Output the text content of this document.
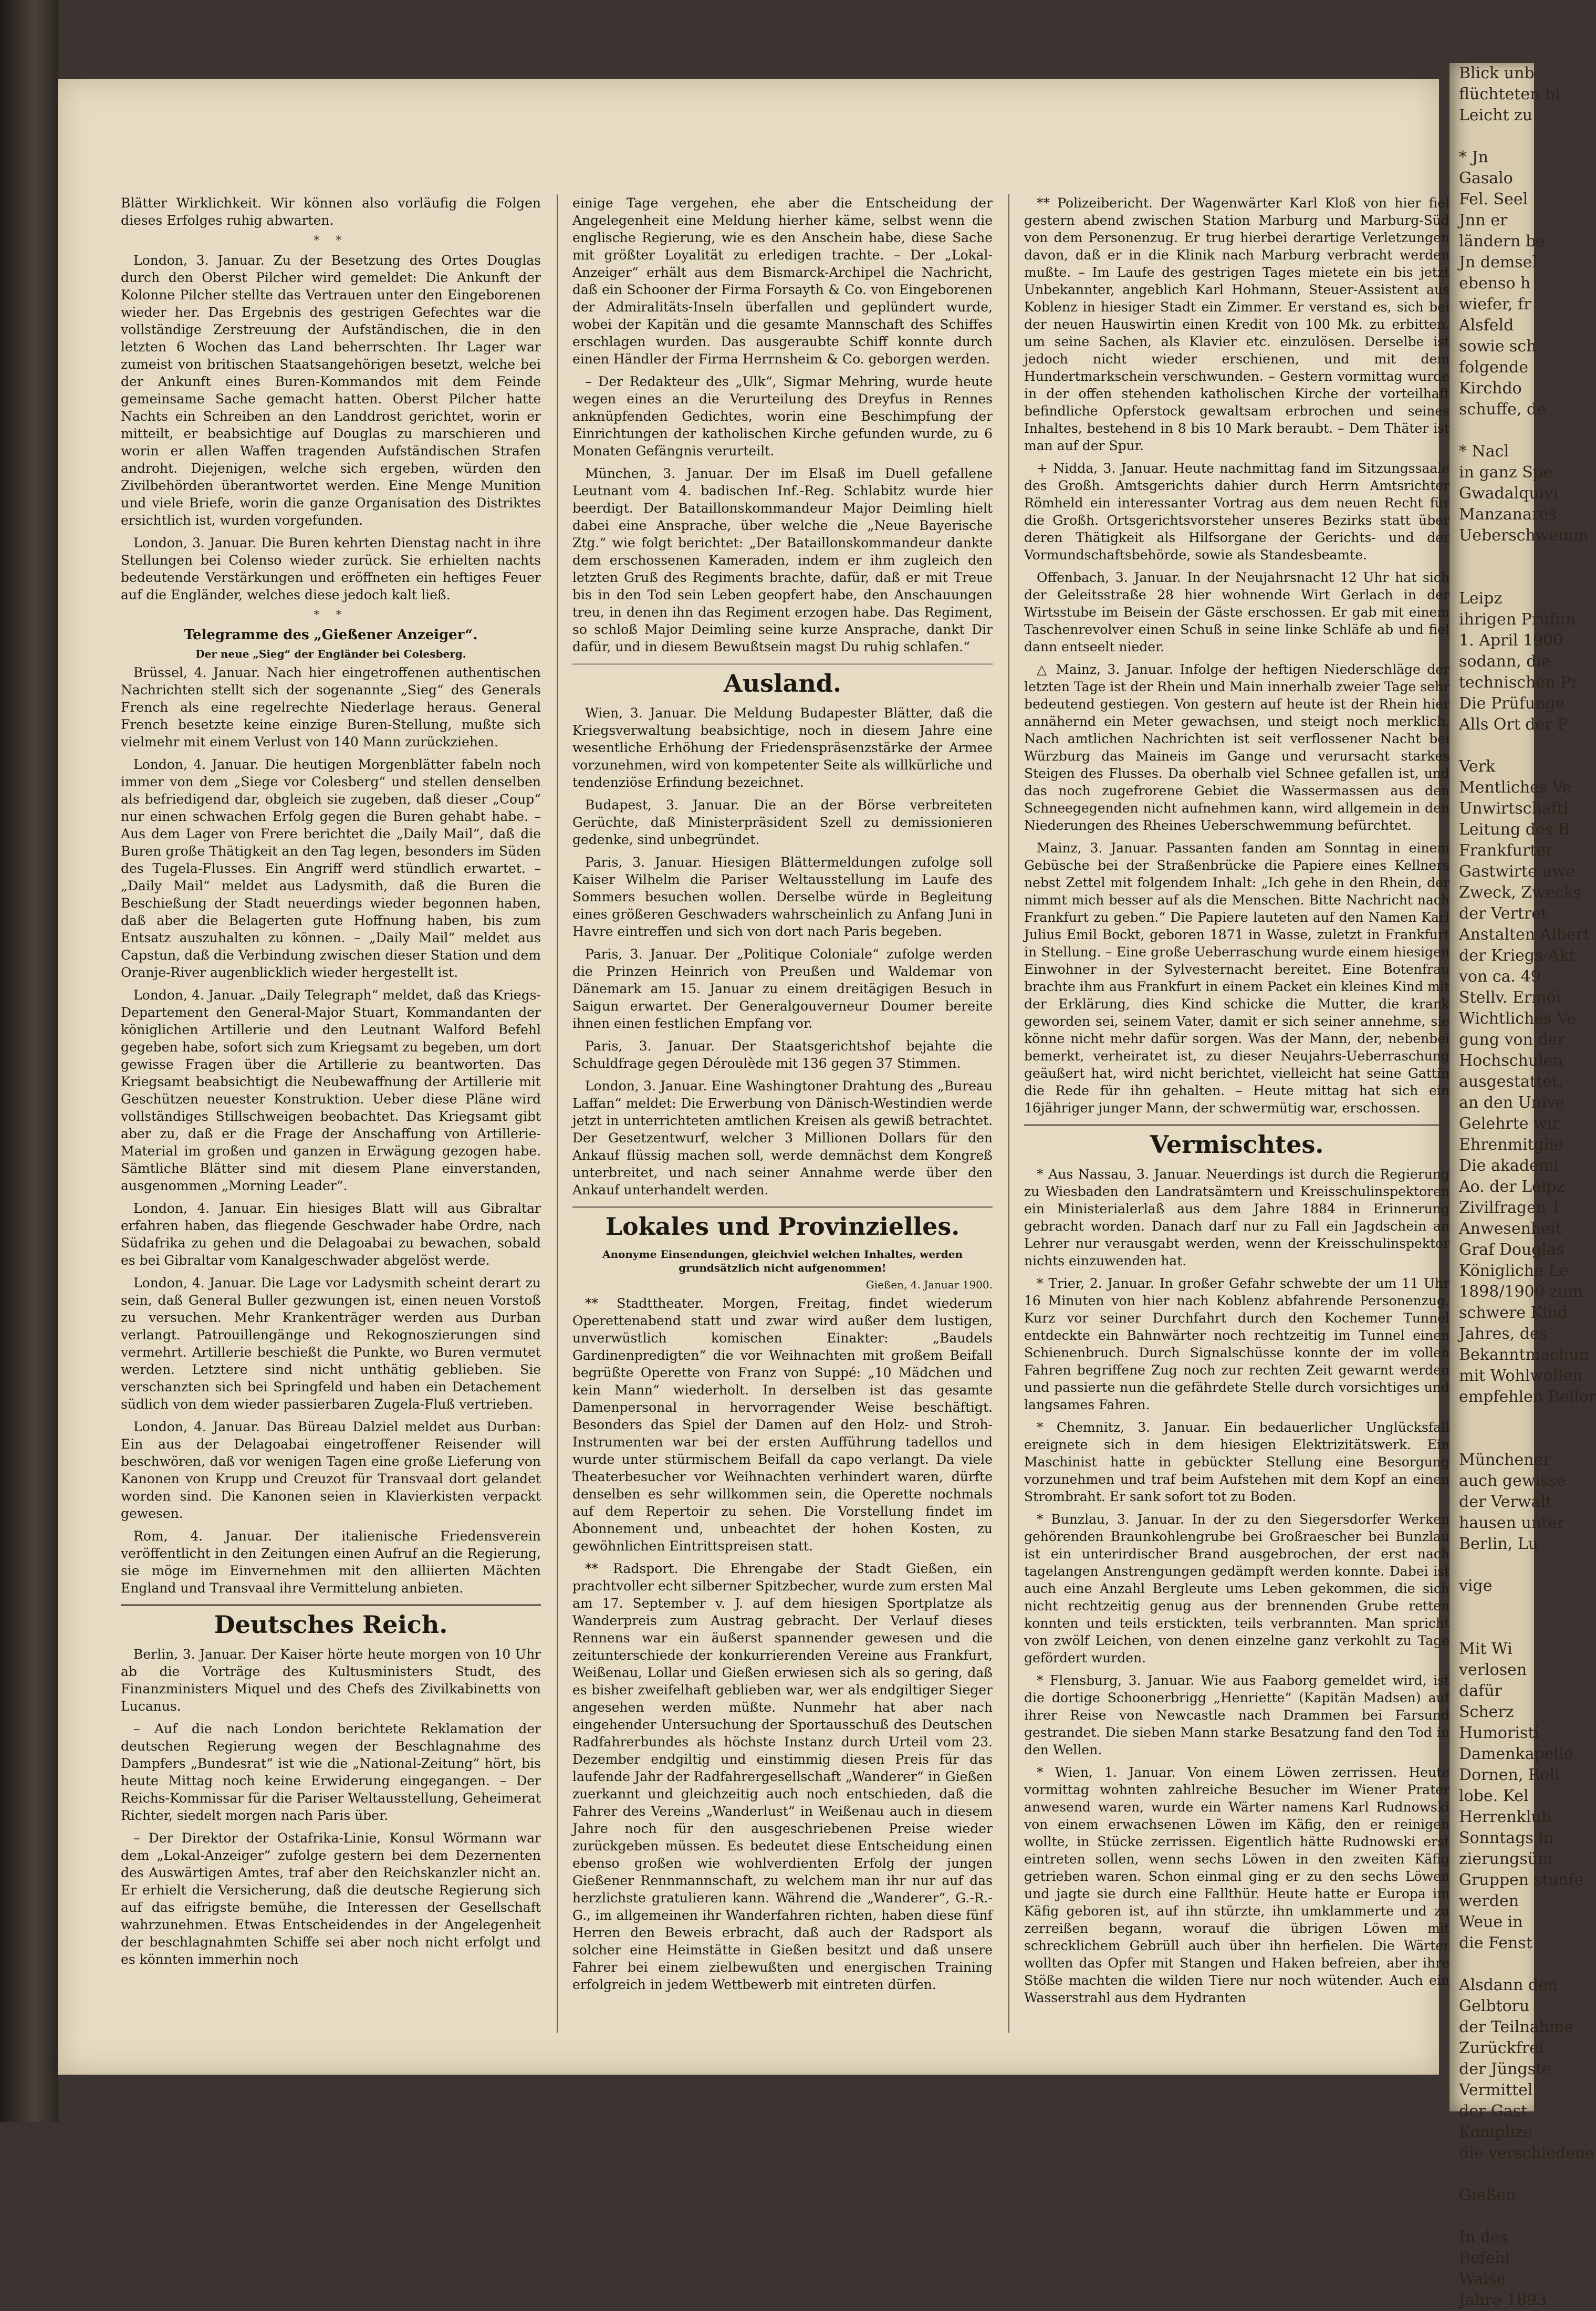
Blätter Wirklichkeit. Wir können also vorläufig die Folgen dieses Erfolges ruhig abwarten.

* *

London, 3. Januar. Zu der Besetzung des Ortes Douglas durch den Oberst Pilcher wird gemeldet: Die Ankunft der Kolonne Pilcher stellte das Vertrauen unter den Eingeborenen wieder her. Das Ergebnis des gestrigen Gefechtes war die vollständige Zerstreuung der Aufständischen, die in den letzten 6 Wochen das Land beherrschten. Ihr Lager war zumeist von britischen Staatsangehörigen besetzt, welche bei der Ankunft eines Buren-Kommandos mit dem Feinde gemeinsame Sache gemacht hatten. Oberst Pilcher hatte Nachts ein Schreiben an den Landdrost gerichtet, worin er mitteilt, er beabsichtige auf Douglas zu marschieren und worin er allen Waffen tragenden Aufständischen Strafen androht. Diejenigen, welche sich ergeben, würden den Zivilbehörden überantwortet werden. Eine Menge Munition und viele Briefe, worin die ganze Organisation des Distriktes ersichtlich ist, wurden vorgefunden.

London, 3. Januar. Die Buren kehrten Dienstag nacht in ihre Stellungen bei Colenso wieder zurück. Sie erhielten nachts bedeutende Verstärkungen und eröffneten ein heftiges Feuer auf die Engländer, welches diese jedoch kalt ließ.

* *
Telegramme des „Gießener Anzeiger“.
Der neue „Sieg“ der Engländer bei Colesberg.

Brüssel, 4. Januar. Nach hier eingetroffenen authentischen Nachrichten stellt sich der sogenannte „Sieg“ des Generals French als eine regelrechte Niederlage heraus. General French besetzte keine einzige Buren-Stellung, mußte sich vielmehr mit einem Verlust von 140 Mann zurückziehen.

London, 4. Januar. Die heutigen Morgenblätter fabeln noch immer von dem „Siege vor Colesberg“ und stellen denselben als befriedigend dar, obgleich sie zugeben, daß dieser „Coup“ nur einen schwachen Erfolg gegen die Buren gehabt habe. – Aus dem Lager von Frere berichtet die „Daily Mail“, daß die Buren große Thätigkeit an den Tag legen, besonders im Süden des Tugela-Flusses. Ein Angriff werd stündlich erwartet. – „Daily Mail“ meldet aus Ladysmith, daß die Buren die Beschießung der Stadt neuerdings wieder begonnen haben, daß aber die Belagerten gute Hoffnung haben, bis zum Entsatz auszuhalten zu können. – „Daily Mail“ meldet aus Capstun, daß die Verbindung zwischen dieser Station und dem Oranje-River augenblicklich wieder hergestellt ist.

London, 4. Januar. „Daily Telegraph“ meldet, daß das Kriegs-Departement den General-Major Stuart, Kommandanten der königlichen Artillerie und den Leutnant Walford Befehl gegeben habe, sofort sich zum Kriegsamt zu begeben, um dort gewisse Fragen über die Artillerie zu beantworten. Das Kriegsamt beabsichtigt die Neubewaffnung der Artillerie mit Geschützen neuester Konstruktion. Ueber diese Pläne wird vollständiges Stillschweigen beobachtet. Das Kriegsamt gibt aber zu, daß er die Frage der Anschaffung von Artillerie-Material im großen und ganzen in Erwägung gezogen habe. Sämtliche Blätter sind mit diesem Plane einverstanden, ausgenommen „Morning Leader“.

London, 4. Januar. Ein hiesiges Blatt will aus Gibraltar erfahren haben, das fliegende Geschwader habe Ordre, nach Südafrika zu gehen und die Delagoabai zu bewachen, sobald es bei Gibraltar vom Kanalgeschwader abgelöst werde.

London, 4. Januar. Die Lage vor Ladysmith scheint derart zu sein, daß General Buller gezwungen ist, einen neuen Vorstoß zu versuchen. Mehr Krankenträger werden aus Durban verlangt. Patrouillengänge und Rekognoszierungen sind vermehrt. Artillerie beschießt die Punkte, wo Buren vermutet werden. Letztere sind nicht unthätig geblieben. Sie verschanzten sich bei Springfeld und haben ein Detachement südlich von dem wieder passierbaren Zugela-Fluß vertrieben.

London, 4. Januar. Das Büreau Dalziel meldet aus Durban: Ein aus der Delagoabai eingetroffener Reisender will beschwören, daß vor wenigen Tagen eine große Lieferung von Kanonen von Krupp und Creuzot für Transvaal dort gelandet worden sind. Die Kanonen seien in Klavierkisten verpackt gewesen.

Rom, 4. Januar. Der italienische Friedensverein veröffentlicht in den Zeitungen einen Aufruf an die Regierung, sie möge im Einvernehmen mit den alliierten Mächten England und Transvaal ihre Vermittelung anbieten.

Deutsches Reich.

Berlin, 3. Januar. Der Kaiser hörte heute morgen von 10 Uhr ab die Vorträge des Kultusministers Studt, des Finanzministers Miquel und des Chefs des Zivilkabinetts von Lucanus.

– Auf die nach London berichtete Reklamation der deutschen Regierung wegen der Beschlagnahme des Dampfers „Bundesrat“ ist wie die „National-Zeitung“ hört, bis heute Mittag noch keine Erwiderung eingegangen. – Der Reichs-Kommissar für die Pariser Weltausstellung, Geheimerat Richter, siedelt morgen nach Paris über.

– Der Direktor der Ostafrika-Linie, Konsul Wörmann war dem „Lokal-Anzeiger“ zufolge gestern bei dem Dezernenten des Auswärtigen Amtes, traf aber den Reichskanzler nicht an. Er erhielt die Versicherung, daß die deutsche Regierung sich auf das eifrigste bemühe, die Interessen der Gesellschaft wahrzunehmen. Etwas Entscheidendes in der Angelegenheit der beschlagnahmten Schiffe sei aber noch nicht erfolgt und es könnten immerhin noch

einige Tage vergehen, ehe aber die Entscheidung der Angelegenheit eine Meldung hierher käme, selbst wenn die englische Regierung, wie es den Anschein habe, diese Sache mit größter Loyalität zu erledigen trachte. – Der „Lokal-Anzeiger“ erhält aus dem Bismarck-Archipel die Nachricht, daß ein Schooner der Firma Forsayth & Co. von Eingeborenen der Admiralitäts-Inseln überfallen und geplündert wurde, wobei der Kapitän und die gesamte Mannschaft des Schiffes erschlagen wurden. Das ausgeraubte Schiff konnte durch einen Händler der Firma Herrnsheim & Co. geborgen werden.

– Der Redakteur des „Ulk“, Sigmar Mehring, wurde heute wegen eines an die Verurteilung des Dreyfus in Rennes anknüpfenden Gedichtes, worin eine Beschimpfung der Einrichtungen der katholischen Kirche gefunden wurde, zu 6 Monaten Gefängnis verurteilt.

München, 3. Januar. Der im Elsaß im Duell gefallene Leutnant vom 4. badischen Inf.-Reg. Schlabitz wurde hier beerdigt. Der Bataillonskommandeur Major Deimling hielt dabei eine Ansprache, über welche die „Neue Bayerische Ztg.“ wie folgt berichtet: „Der Bataillonskommandeur dankte dem erschossenen Kameraden, indem er ihm zugleich den letzten Gruß des Regiments brachte, dafür, daß er mit Treue bis in den Tod sein Leben geopfert habe, den Anschauungen treu, in denen ihn das Regiment erzogen habe. Das Regiment, so schloß Major Deimling seine kurze Ansprache, dankt Dir dafür, und in diesem Bewußtsein magst Du ruhig schlafen.“

Ausland.

Wien, 3. Januar. Die Meldung Budapester Blätter, daß die Kriegsverwaltung beabsichtige, noch in diesem Jahre eine wesentliche Erhöhung der Friedenspräsenzstärke der Armee vorzunehmen, wird von kompetenter Seite als willkürliche und tendenziöse Erfindung bezeichnet.

Budapest, 3. Januar. Die an der Börse verbreiteten Gerüchte, daß Ministerpräsident Szell zu demissionieren gedenke, sind unbegründet.

Paris, 3. Januar. Hiesigen Blättermeldungen zufolge soll Kaiser Wilhelm die Pariser Weltausstellung im Laufe des Sommers besuchen wollen. Derselbe würde in Begleitung eines größeren Geschwaders wahrscheinlich zu Anfang Juni in Havre eintreffen und sich von dort nach Paris begeben.

Paris, 3. Januar. Der „Politique Coloniale“ zufolge werden die Prinzen Heinrich von Preußen und Waldemar von Dänemark am 15. Januar zu einem dreitägigen Besuch in Saigun erwartet. Der Generalgouverneur Doumer bereite ihnen einen festlichen Empfang vor.

Paris, 3. Januar. Der Staatsgerichtshof bejahte die Schuldfrage gegen Déroulède mit 136 gegen 37 Stimmen.

London, 3. Januar. Eine Washingtoner Drahtung des „Bureau Laffan“ meldet: Die Erwerbung von Dänisch-Westindien werde jetzt in unterrichteten amtlichen Kreisen als gewiß betrachtet. Der Gesetzentwurf, welcher 3 Millionen Dollars für den Ankauf flüssig machen soll, werde demnächst dem Kongreß unterbreitet, und nach seiner Annahme werde über den Ankauf unterhandelt werden.

Lokales und Provinzielles.
Anonyme Einsendungen, gleichviel welchen Inhaltes, werden grundsätzlich nicht aufgenommen!
Gießen, 4. Januar 1900.

** Stadttheater. Morgen, Freitag, findet wiederum Operettenabend statt und zwar wird außer dem lustigen, unverwüstlich komischen Einakter: „Baudels Gardinenpredigten“ die vor Weihnachten mit großem Beifall begrüßte Operette von Franz von Suppé: „10 Mädchen und kein Mann“ wiederholt. In derselben ist das gesamte Damenpersonal in hervorragender Weise beschäftigt. Besonders das Spiel der Damen auf den Holz- und Stroh-Instrumenten war bei der ersten Aufführung tadellos und wurde unter stürmischem Beifall da capo verlangt. Da viele Theaterbesucher vor Weihnachten verhindert waren, dürfte denselben es sehr willkommen sein, die Operette nochmals auf dem Repertoir zu sehen. Die Vorstellung findet im Abonnement und, unbeachtet der hohen Kosten, zu gewöhnlichen Eintrittspreisen statt.

** Radsport. Die Ehrengabe der Stadt Gießen, ein prachtvoller echt silberner Spitzbecher, wurde zum ersten Mal am 17. September v. J. auf dem hiesigen Sportplatze als Wanderpreis zum Austrag gebracht. Der Verlauf dieses Rennens war ein äußerst spannender gewesen und die zeitunterschiede der konkurrierenden Vereine aus Frankfurt, Weißenau, Lollar und Gießen erwiesen sich als so gering, daß es bisher zweifelhaft geblieben war, wer als endgiltiger Sieger angesehen werden müßte. Nunmehr hat aber nach eingehender Untersuchung der Sportausschuß des Deutschen Radfahrerbundes als höchste Instanz durch Urteil vom 23. Dezember endgiltig und einstimmig diesen Preis für das laufende Jahr der Radfahrergesellschaft „Wanderer“ in Gießen zuerkannt und gleichzeitig auch noch entschieden, daß die Fahrer des Vereins „Wanderlust“ in Weißenau auch in diesem Jahre noch für den ausgeschriebenen Preise wieder zurückgeben müssen. Es bedeutet diese Entscheidung einen ebenso großen wie wohlverdienten Erfolg der jungen Gießener Rennmannschaft, zu welchem man ihr nur auf das herzlichste gratulieren kann. Während die „Wanderer“, G.-R.-G., im allgemeinen ihr Wanderfahren richten, haben diese fünf Herren den Beweis erbracht, daß auch der Radsport als solcher eine Heimstätte in Gießen besitzt und daß unsere Fahrer bei einem zielbewußten und energischen Training erfolgreich in jedem Wettbewerb mit eintreten dürfen.

** Polizeibericht. Der Wagenwärter Karl Kloß von hier fiel gestern abend zwischen Station Marburg und Marburg-Süd von dem Personenzug. Er trug hierbei derartige Verletzungen davon, daß er in die Klinik nach Marburg verbracht werden mußte. – Im Laufe des gestrigen Tages mietete ein bis jetzt Unbekannter, angeblich Karl Hohmann, Steuer-Assistent aus Koblenz in hiesiger Stadt ein Zimmer. Er verstand es, sich bei der neuen Hauswirtin einen Kredit von 100 Mk. zu erbitten, um seine Sachen, als Klavier etc. einzulösen. Derselbe ist jedoch nicht wieder erschienen, und mit dem Hundertmarkschein verschwunden. – Gestern vormittag wurde in der offen stehenden katholischen Kirche der vorteilhaft befindliche Opferstock gewaltsam erbrochen und seines Inhaltes, bestehend in 8 bis 10 Mark beraubt. – Dem Thäter ist man auf der Spur.

+ Nidda, 3. Januar. Heute nachmittag fand im Sitzungssaale des Großh. Amtsgerichts dahier durch Herrn Amtsrichter Römheld ein interessanter Vortrag aus dem neuen Recht für die Großh. Ortsgerichtsvorsteher unseres Bezirks statt über deren Thätigkeit als Hilfsorgane der Gerichts- und der Vormundschaftsbehörde, sowie als Standesbeamte.

Offenbach, 3. Januar. In der Neujahrsnacht 12 Uhr hat sich der Geleitsstraße 28 hier wohnende Wirt Gerlach in der Wirtsstube im Beisein der Gäste erschossen. Er gab mit einem Taschenrevolver einen Schuß in seine linke Schläfe ab und fiel dann entseelt nieder.

△ Mainz, 3. Januar. Infolge der heftigen Niederschläge der letzten Tage ist der Rhein und Main innerhalb zweier Tage sehr bedeutend gestiegen. Von gestern auf heute ist der Rhein hier annähernd ein Meter gewachsen, und steigt noch merklich. Nach amtlichen Nachrichten ist seit verflossener Nacht bei Würzburg das Maineis im Gange und verursacht starkes Steigen des Flusses. Da oberhalb viel Schnee gefallen ist, und das noch zugefrorene Gebiet die Wassermassen aus den Schneegegenden nicht aufnehmen kann, wird allgemein in den Niederungen des Rheines Ueberschwemmung befürchtet.

Mainz, 3. Januar. Passanten fanden am Sonntag in einem Gebüsche bei der Straßenbrücke die Papiere eines Kellners nebst Zettel mit folgendem Inhalt: „Ich gehe in den Rhein, der nimmt mich besser auf als die Menschen. Bitte Nachricht nach Frankfurt zu geben.“ Die Papiere lauteten auf den Namen Karl Julius Emil Bockt, geboren 1871 in Wasse, zuletzt in Frankfurt in Stellung. – Eine große Ueberraschung wurde einem hiesigen Einwohner in der Sylvesternacht bereitet. Eine Botenfrau brachte ihm aus Frankfurt in einem Packet ein kleines Kind mit der Erklärung, dies Kind schicke die Mutter, die krank geworden sei, seinem Vater, damit er sich seiner annehme, sie könne nicht mehr dafür sorgen. Was der Mann, der, nebenbei bemerkt, verheiratet ist, zu dieser Neujahrs-Ueberraschung geäußert hat, wird nicht berichtet, vielleicht hat seine Gattin die Rede für ihn gehalten. – Heute mittag hat sich ein 16jähriger junger Mann, der schwermütig war, erschossen.

Vermischtes.

* Aus Nassau, 3. Januar. Neuerdings ist durch die Regierung zu Wiesbaden den Landratsämtern und Kreisschulinspektoren ein Ministerialerlaß aus dem Jahre 1884 in Erinnerung gebracht worden. Danach darf nur zu Fall ein Jagdschein an Lehrer nur verausgabt werden, wenn der Kreisschulinspektor nichts einzuwenden hat.

* Trier, 2. Januar. In großer Gefahr schwebte der um 11 Uhr 16 Minuten von hier nach Koblenz abfahrende Personenzug. Kurz vor seiner Durchfahrt durch den Kochemer Tunnel entdeckte ein Bahnwärter noch rechtzeitig im Tunnel einen Schienenbruch. Durch Signalschüsse konnte der im vollen Fahren begriffene Zug noch zur rechten Zeit gewarnt werden und passierte nun die gefährdete Stelle durch vorsichtiges und langsames Fahren.

* Chemnitz, 3. Januar. Ein bedauerlicher Unglücksfall ereignete sich in dem hiesigen Elektrizitätswerk. Ein Maschinist hatte in gebückter Stellung eine Besorgung vorzunehmen und traf beim Aufstehen mit dem Kopf an einen Strombraht. Er sank sofort tot zu Boden.

* Bunzlau, 3. Januar. In der zu den Siegersdorfer Werken gehörenden Braunkohlengrube bei Großraescher bei Bunzlau ist ein unterirdischer Brand ausgebrochen, der erst nach tagelangen Anstrengungen gedämpft werden konnte. Dabei ist auch eine Anzahl Bergleute ums Leben gekommen, die sich nicht rechtzeitig genug aus der brennenden Grube retten konnten und teils erstickten, teils verbrannten. Man spricht von zwölf Leichen, von denen einzelne ganz verkohlt zu Tage gefördert wurden.

* Flensburg, 3. Januar. Wie aus Faaborg gemeldet wird, ist die dortige Schoonerbrigg „Henriette“ (Kapitän Madsen) auf ihrer Reise von Newcastle nach Drammen bei Farsund gestrandet. Die sieben Mann starke Besatzung fand den Tod in den Wellen.

* Wien, 1. Januar. Von einem Löwen zerrissen. Heute vormittag wohnten zahlreiche Besucher im Wiener Prater anwesend waren, wurde ein Wärter namens Karl Rudnowski von einem erwachsenen Löwen im Käfig, den er reinigen wollte, in Stücke zerrissen. Eigentlich hätte Rudnowski erst eintreten sollen, wenn sechs Löwen in den zweiten Käfig getrieben waren. Schon einmal ging er zu den sechs Löwen und jagte sie durch eine Fallthür. Heute hatte er Europa im Käfig geboren ist, auf ihn stürzte, ihn umklammerte und zu zerreißen begann, worauf die übrigen Löwen mit schrecklichem Gebrüll auch über ihn herfielen. Die Wärter wollten das Opfer mit Stangen und Haken befreien, aber ihre Stöße machten die wilden Tiere nur noch wütender. Auch ein Wasserstrahl aus dem Hydranten

Blick unb

flüchteten bi

Leicht zu

* Jn

Gasalo

Fel. Seel

Jnn er

ländern be

Jn demsel

ebenso h

wiefer, fr

Alsfeld

sowie sch

folgende

Kirchdo

schuffe, de

* Nacl

in ganz Spe

Gwadalquivi

Manzanares

Ueberschwemm

Leipz

ihrigen Prüfun

1. April 1900

sodann, die

technischen Pr

Die Prüfunge

Alls Ort der P

Verk

Mentliches Ve

Unwirtschaftl

Leitung des B

Frankfurter

Gastwirte uwe

Zweck, Zwecks

der Vertret

Anstalten Albert

der Kriegs-Akt

von ca. 49

Stellv. Ermöi

Wichtliches Ve

gung von der

Hochschulen

ausgestattet.

an den Unive

Gelehrte wir

Ehrenmitglie

Die akademi

Ao. der Leipz

Zivilfragen 1

Anwesenheit

Graf Douglas

Königliche Le

1898/1900 zum

schwere Kind

Jahres, des

Bekanntmachun

mit Wohlwollen

empfehlen Bellor

Münchener

auch gewisse

der Verwalt

hausen unter

Berlin, Lu

vige

Mit Wi

verlosen

dafür

Scherz

Humoristi

Damenkapelle

Dornen, Roll

lobe. Kel

Herrenklub

Sonntags in

zierungsüm

Gruppen stunfe

werden

Weue in

die Fenst

Alsdann den

Gelbtoru

der Teilnahme

Zurückfrei

der Jüngste

Vermittel

der Gast

Komplize

die verschiedene

Gießen

In des

Befehl

Waise

Jahre 1893
